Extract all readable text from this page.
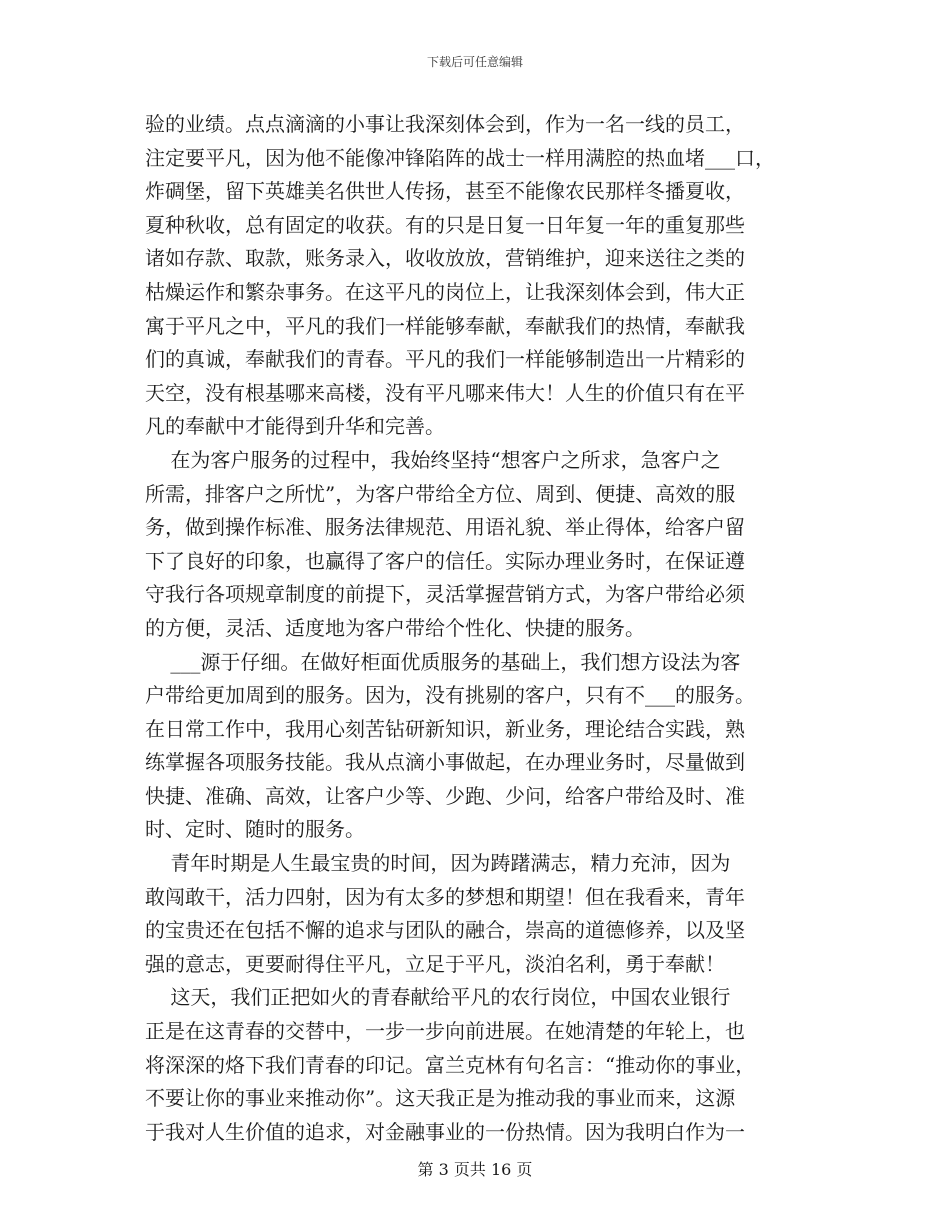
下载后可任意编辑
验的业绩。点点滴滴的小事让我深刻体会到，作为一名一线的员工，
注定要平凡，因为他不能像冲锋陷阵的战士一样用满腔的热血堵___口，
炸碉堡，留下英雄美名供世人传扬，甚至不能像农民那样冬播夏收，
夏种秋收，总有固定的收获。有的只是日复一日年复一年的重复那些
诸如存款、取款，账务录入，收收放放，营销维护，迎来送往之类的
枯燥运作和繁杂事务。在这平凡的岗位上，让我深刻体会到，伟大正
寓于平凡之中，平凡的我们一样能够奉献，奉献我们的热情，奉献我
们的真诚，奉献我们的青春。平凡的我们一样能够制造出一片精彩的
天空，没有根基哪来高楼，没有平凡哪来伟大！人生的价值只有在平
凡的奉献中才能得到升华和完善。
在为客户服务的过程中，我始终坚持“想客户之所求，急客户之
所需，排客户之所忧”，为客户带给全方位、周到、便捷、高效的服
务，做到操作标准、服务法律规范、用语礼貌、举止得体，给客户留
下了良好的印象，也赢得了客户的信任。实际办理业务时，在保证遵
守我行各项规章制度的前提下，灵活掌握营销方式，为客户带给必须
的方便，灵活、适度地为客户带给个性化、快捷的服务。
___源于仔细。在做好柜面优质服务的基础上，我们想方设法为客
户带给更加周到的服务。因为，没有挑剔的客户，只有不___的服务。
在日常工作中，我用心刻苦钻研新知识，新业务，理论结合实践，熟
练掌握各项服务技能。我从点滴小事做起，在办理业务时，尽量做到
快捷、准确、高效，让客户少等、少跑、少问，给客户带给及时、准
时、定时、随时的服务。
青年时期是人生最宝贵的时间，因为踌躇满志，精力充沛，因为
敢闯敢干，活力四射，因为有太多的梦想和期望！但在我看来，青年
的宝贵还在包括不懈的追求与团队的融合，崇高的道德修养，以及坚
强的意志，更要耐得住平凡，立足于平凡，淡泊名利，勇于奉献！
这天，我们正把如火的青春献给平凡的农行岗位，中国农业银行
正是在这青春的交替中，一步一步向前进展。在她清楚的年轮上，也
将深深的烙下我们青春的印记。富兰克林有句名言：“推动你的事业，
不要让你的事业来推动你”。这天我正是为推动我的事业而来，这源
于我对人生价值的追求，对金融事业的一份热情。因为我明白作为一
第 3 页共 16 页
